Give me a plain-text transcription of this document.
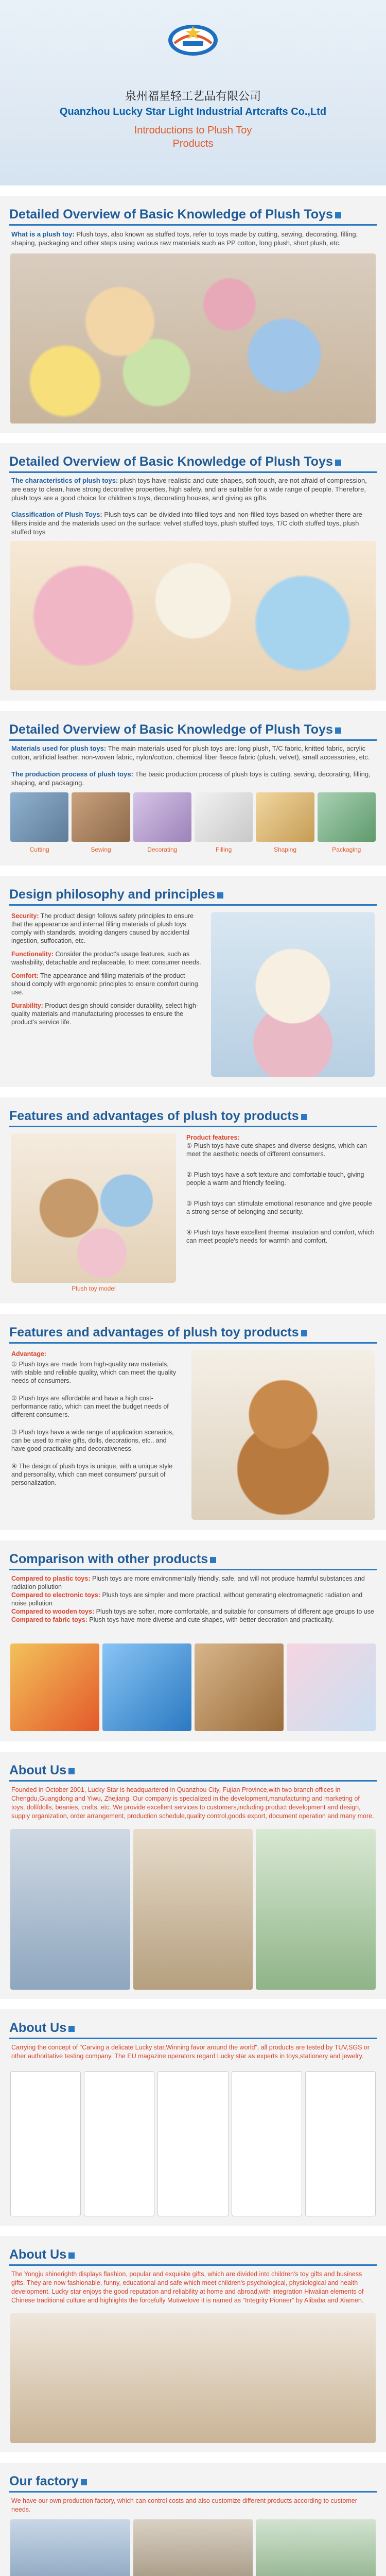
泉州福星轻工艺品有限公司
Quanzhou Lucky Star Light Industrial Artcrafts Co.,Ltd
Introductions to Plush Toy
Products
Detailed Overview of Basic Knowledge of Plush Toys
What is a plush toy: Plush toys, also known as stuffed toys, refer to toys made by cutting, sewing, decorating, filling, shaping, packaging and other steps using various raw materials such as PP cotton, long plush, short plush, etc.
Detailed Overview of Basic Knowledge of Plush Toys
The characteristics of plush toys: plush toys have realistic and cute shapes, soft touch, are not afraid of compression, are easy to clean, have strong decorative properties, high safety, and are suitable for a wide range of people. Therefore, plush toys are a good choice for children's toys, decorating houses, and giving as gifts.
Classification of Plush Toys: Plush toys can be divided into filled toys and non-filled toys based on whether there are fillers inside and the materials used on the surface: velvet stuffed toys, plush stuffed toys, T/C cloth stuffed toys, plush stuffed toys
Detailed Overview of Basic Knowledge of Plush Toys
Materials used for plush toys: The main materials used for plush toys are: long plush, T/C fabric, knitted fabric, acrylic cotton, artificial leather, non-woven fabric, nylon/cotton, chemical fiber fleece fabric (plush, velvet), small accessories, etc.
The production process of plush toys: The basic production process of plush toys is cutting, sewing, decorating, filling, shaping, and packaging.
Cutting	Sewing	Decorating	Filling	Shaping	Packaging
Design philosophy and principles

Security: The product design follows safety principles to ensure that the appearance and internal filling materials of plush toys comply with standards, avoiding dangers caused by accidental ingestion, suffocation, etc.

Functionality: Consider the product's usage features, such as washability, detachable and replaceable, to meet consumer needs.

Comfort: The appearance and filling materials of the product should comply with ergonomic principles to ensure comfort during use.

Durability: Product design should consider durability, select high-quality materials and manufacturing processes to ensure the product's service life.

Features and advantages of plush toy products
Plush toy model

Product features:
① Plush toys have cute shapes and diverse designs, which can meet the aesthetic needs of different consumers.

② Plush toys have a soft texture and comfortable touch, giving people a warm and friendly feeling.

③ Plush toys can stimulate emotional resonance and give people a strong sense of belonging and security.

④ Plush toys have excellent thermal insulation and comfort, which can meet people's needs for warmth and comfort.

Features and advantages of plush toy products

Advantage:

① Plush toys are made from high-quality raw materials, with stable and reliable quality, which can meet the quality needs of consumers.

② Plush toys are affordable and have a high cost-performance ratio, which can meet the budget needs of different consumers.

③ Plush toys have a wide range of application scenarios, can be used to make gifts, dolls, decorations, etc., and have good practicality and decorativeness.

④ The design of plush toys is unique, with a unique style and personality, which can meet consumers' pursuit of personalization.

Comparison with other products

Compared to plastic toys: Plush toys are more environmentally friendly, safe, and will not produce harmful substances and radiation pollution

Compared to electronic toys: Plush toys are simpler and more practical, without generating electromagnetic radiation and noise pollution

Compared to wooden toys: Plush toys are softer, more comfortable, and suitable for consumers of different age groups to use

Compared to fabric toys: Plush toys have more diverse and cute shapes, with better decoration and practicality.

About Us
Founded in October 2001, Lucky Star is headquartered in Quanzhou City, Fujian Province,with two branch offices in Chengdu,Guangdong and Yiwu, Zhejiang. Our company is specialized in the development,manufacturing and marketing of toys, doll/dolls, beanies, crafts, etc. We provide excellent services to customers,including product development and design, supply organization, order arrangement, production schedule,quality control,goods export, document operation and many more.
About Us
Carrying the concept of "Carving a delicate Lucky star,Winning favor around the world", all products are tested by TUV,SGS or other authoritative testing company. The EU magazine operators regard Lucky star as experts in toys,stationery and jewelry.
About Us
The Yongju shinerighth displays flashion, popular and exquisite gifts, which are divided into children's toy gifts and business gifts. They are now fashionable, funny, educational and safe which meet children's psychological, physiological and health development. Lucky star enjoys the good reputation and reliability at home and abroad,with integration Hiwaiian elements of Chinese traditional culture and highlights the forcefully Mutiwelove it is named as "Integrity Pioneer" by Alibaba and Xiamen.
Our factory
We have our own production factory, which can control costs and also customize different products according to customer needs.
